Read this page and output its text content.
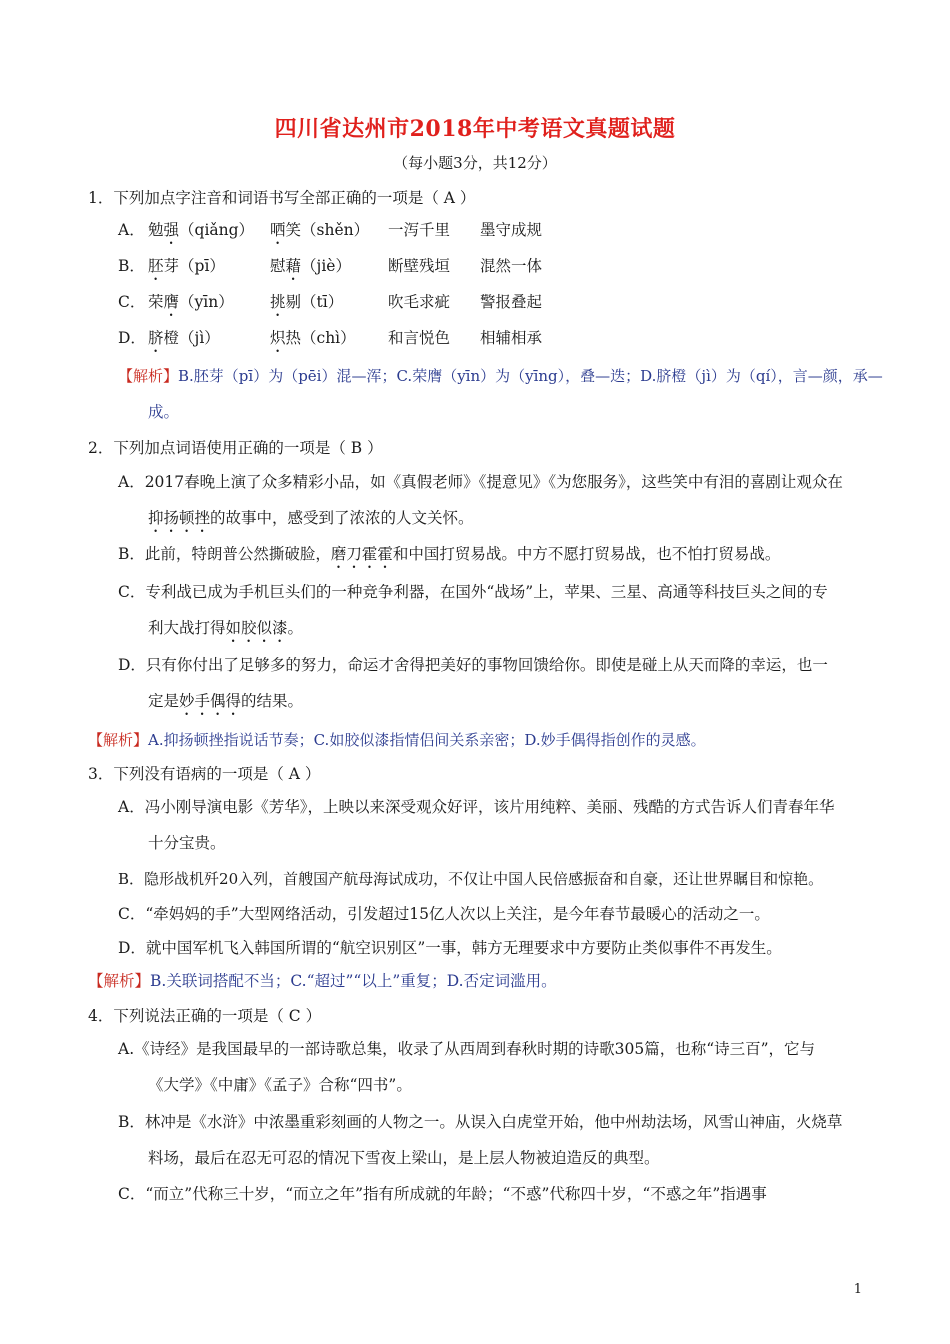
四川省达州市2018年中考语文真题试题
（每小题3分，共12分）
1．下列加点字注音和词语书写全部正确的一项是（ A ）
A． 勉强（qiǎng） 哂笑（shěn） 一泻千里 墨守成规
B． 胚芽（pī）	慰藉（jiè） 断壁残垣 混然一体
C． 荣膺（yīn） 挑剔（tī）	吹毛求疵 警报叠起
D． 脐橙（jì）	炽热（chì） 和言悦色 相辅相承
【解析】B.胚芽（pī）为（pēi）混—浑；C.荣膺（yīn）为（yīng），叠—迭；D.脐橙（jì）为（qí），言—颜，承—
成。
2．下列加点词语使用正确的一项是（ B ）
A．2017春晚上演了众多精彩小品，如《真假老师》《提意见》《为您服务》，这些笑中有泪的喜剧让观众在
抑扬顿挫的故事中，感受到了浓浓的人文关怀。
B．此前，特朗普公然撕破脸，磨刀霍霍和中国打贸易战。中方不愿打贸易战，也不怕打贸易战。
C．专利战已成为手机巨头们的一种竞争利器，在国外“战场”上，苹果、三星、高通等科技巨头之间的专
利大战打得如胶似漆。
D．只有你付出了足够多的努力，命运才舍得把美好的事物回馈给你。即使是碰上从天而降的幸运，也一
定是妙手偶得的结果。
【解析】A.抑扬顿挫指说话节奏；C.如胶似漆指情侣间关系亲密；D.妙手偶得指创作的灵感。
3．下列没有语病的一项是（ A ）
A．冯小刚导演电影《芳华》，上映以来深受观众好评，该片用纯粹、美丽、残酷的方式告诉人们青春年华
十分宝贵。
B．隐形战机歼20入列，首艘国产航母海试成功，不仅让中国人民倍感振奋和自豪，还让世界瞩目和惊艳。
C．“牵妈妈的手”大型网络活动，引发超过15亿人次以上关注，是今年春节最暖心的活动之一。
D．就中国军机飞入韩国所谓的“航空识别区”一事，韩方无理要求中方要防止类似事件不再发生。
【解析】B.关联词搭配不当；C.“超过”“以上”重复；D.否定词滥用。
4．下列说法正确的一项是（ C ）
A.《诗经》是我国最早的一部诗歌总集，收录了从西周到春秋时期的诗歌305篇，也称“诗三百”，它与
《大学》《中庸》《孟子》合称“四书”。
B．林冲是《水浒》中浓墨重彩刻画的人物之一。从误入白虎堂开始，他中州劫法场，风雪山神庙，火烧草
料场，最后在忍无可忍的情况下雪夜上梁山，是上层人物被迫造反的典型。
C．“而立”代称三十岁，“而立之年”指有所成就的年龄；“不惑”代称四十岁，“不惑之年”指遇事
1
